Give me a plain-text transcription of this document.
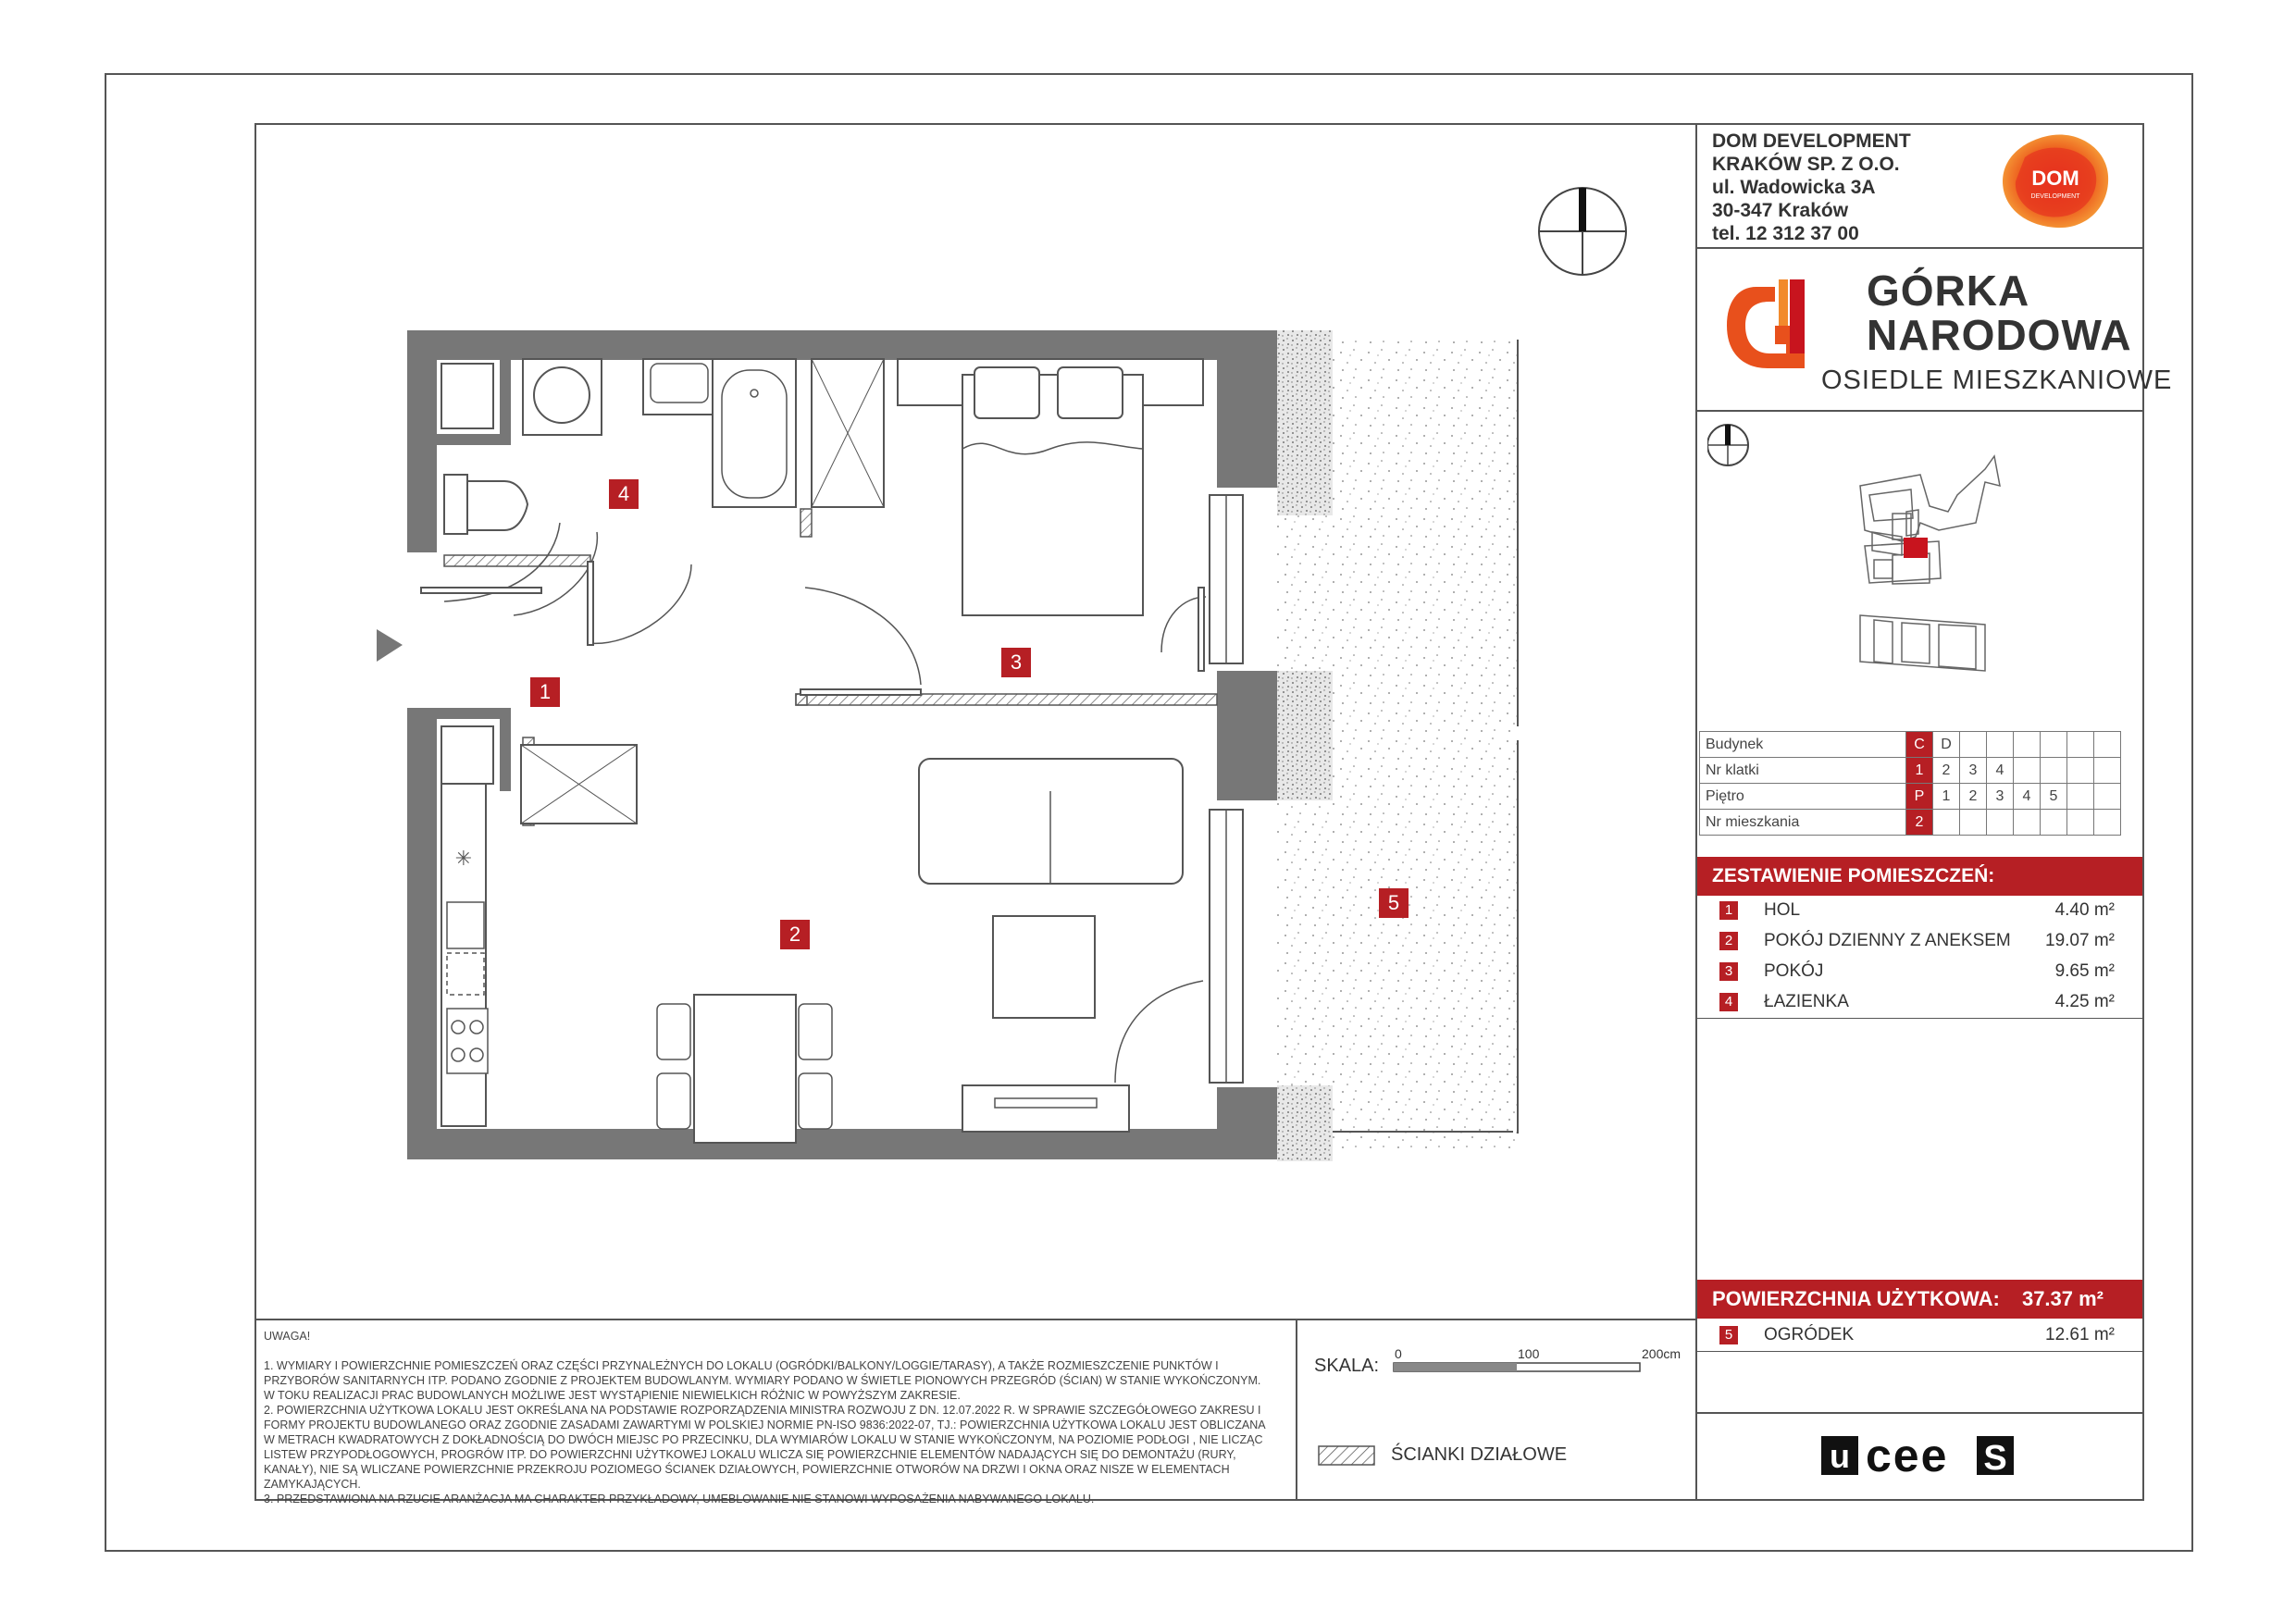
DOM DEVELOPMENT
KRAKÓW SP. Z O.O.
ul. Wadowicka 3A
30-347 Kraków
tel. 12 312 37 00
DOM
DEVELOPMENT
GÓRKA
NARODOWA
OSIEDLE MIESZKANIOWE
Budynek	C	D						
Nr klatki	1	2	3	4				
Piętro	P	1	2	3	4	5		
Nr mieszkania	2							
ZESTAWIENIE POMIESZCZEŃ:
1	HOL	4.40 m²
2	POKÓJ DZIENNY Z ANEKSEM 19.07 m²
3	POKÓJ	9.65 m²
4	ŁAZIENKA	4.25 m²
POWIERZCHNIA UŻYTKOWA: 37.37 m²
5	OGRÓDEK	12.61 m²
u cee S

UWAGA!

1. WYMIARY I POWIERZCHNIE POMIESZCZEŃ ORAZ CZĘŚCI PRZYNALEŻNYCH DO LOKALU (OGRÓDKI/BALKONY/LOGGIE/TARASY), A TAKŻE ROZMIESZCZENIE PUNKTÓW I PRZYBORÓW SANITARNYCH ITP. PODANO ZGODNIE Z PROJEKTEM BUDOWLANYM. WYMIARY PODANO W ŚWIETLE PIONOWYCH PRZEGRÓD (ŚCIAN) W STANIE WYKOŃCZONYM. W TOKU REALIZACJI PRAC BUDOWLANYCH MOŻLIWE JEST WYSTĄPIENIE NIEWIELKICH RÓŻNIC W POWYŻSZYM ZAKRESIE.

2. POWIERZCHNIA UŻYTKOWA LOKALU JEST OKREŚLANA NA PODSTAWIE ROZPORZĄDZENIA MINISTRA ROZWOJU Z DN. 12.07.2022 R. W SPRAWIE SZCZEGÓŁOWEGO ZAKRESU I FORMY PROJEKTU BUDOWLANEGO ORAZ ZGODNIE ZASADAMI ZAWARTYMI W POLSKIEJ NORMIE PN-ISO 9836:2022-07, TJ.: POWIERZCHNIA UŻYTKOWA LOKALU JEST OBLICZANA W METRACH KWADRATOWYCH Z DOKŁADNOŚCIĄ DO DWÓCH MIEJSC PO PRZECINKU, DLA WYMIARÓW LOKALU W STANIE WYKOŃCZONYM, NA POZIOMIE PODŁOGI , NIE LICZĄC LISTEW PRZYPODŁOGOWYCH, PROGRÓW ITP. DO POWIERZCHNI UŻYTKOWEJ LOKALU WLICZA SIĘ POWIERZCHNIE ELEMENTÓW NADAJĄCYCH SIĘ DO DEMONTAŻU (RURY, KANAŁY), NIE SĄ WLICZANE POWIERZCHNIE PRZEKROJU POZIOMEGO ŚCIANEK DZIAŁOWYCH, POWIERZCHNIE OTWORÓW NA DRZWI I OKNA ORAZ NISZE W ELEMENTACH ZAMYKAJĄCYCH.

3. PRZEDSTAWIONA NA RZUCIE ARANŻACJA MA CHARAKTER PRZYKŁADOWY, UMEBLOWANIE NIE STANOWI WYPOSAŻENIA NABYWANEGO LOKALU.

SKALA:
0	100	200cm
ŚCIANKI DZIAŁOWE
✳
1
2
3
4
5
